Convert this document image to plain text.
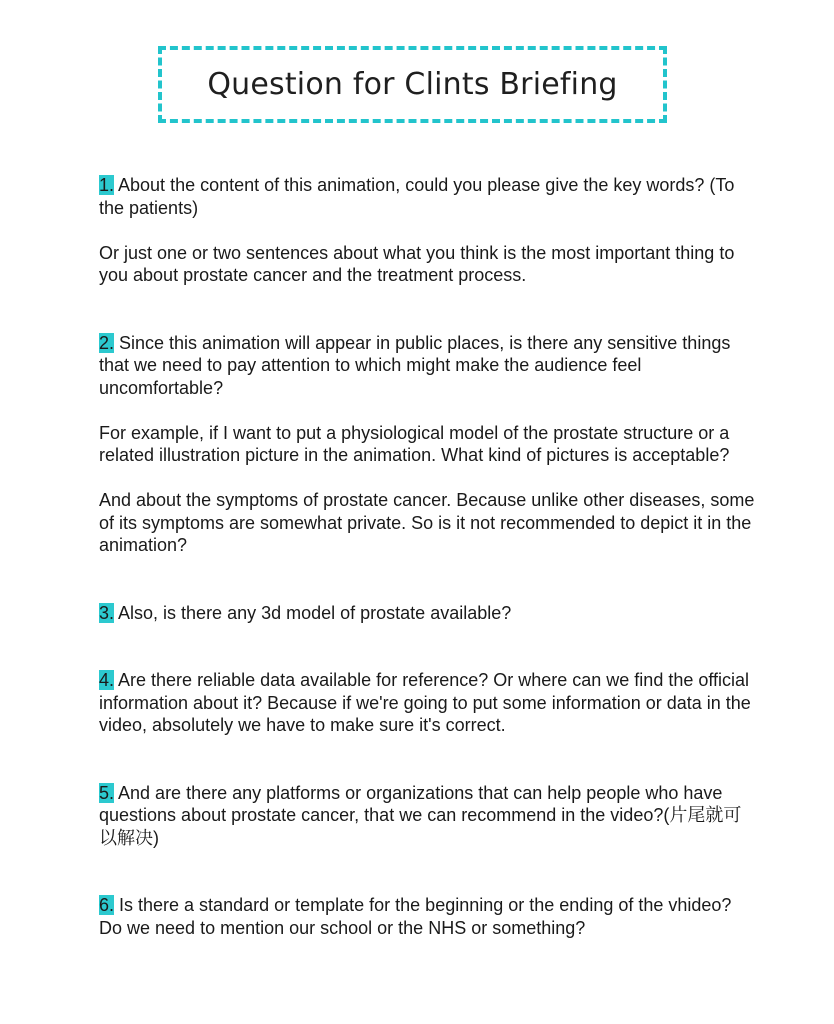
Question for Clints Briefing

1. About the content of this animation, could you please give the key words? (To the patients)

Or just one or two sentences about what you think is the most important thing to you about prostate cancer and the treatment process.

2. Since this animation will appear in public places, is there any sensitive things that we need to pay attention to which might make the audience feel uncomfortable?

For example, if I want to put a physiological model of the prostate structure or a related illustration picture in the animation. What kind of pictures is acceptable?

And about the symptoms of prostate cancer. Because unlike other diseases, some of its symptoms are somewhat private. So is it not recommended to depict it in the animation?

3. Also, is there any 3d model of prostate available?

4. Are there reliable data available for reference? Or where can we find the official information about it? Because if we're going to put some information or data in the video, absolutely we have to make sure it's correct.

5. And are there any platforms or organizations that can help people who have questions about prostate cancer, that we can recommend in the video?(片尾就可以解决)

6. Is there a standard or template for the beginning or the ending of the vhideo? Do we need to mention our school or the NHS or something?
